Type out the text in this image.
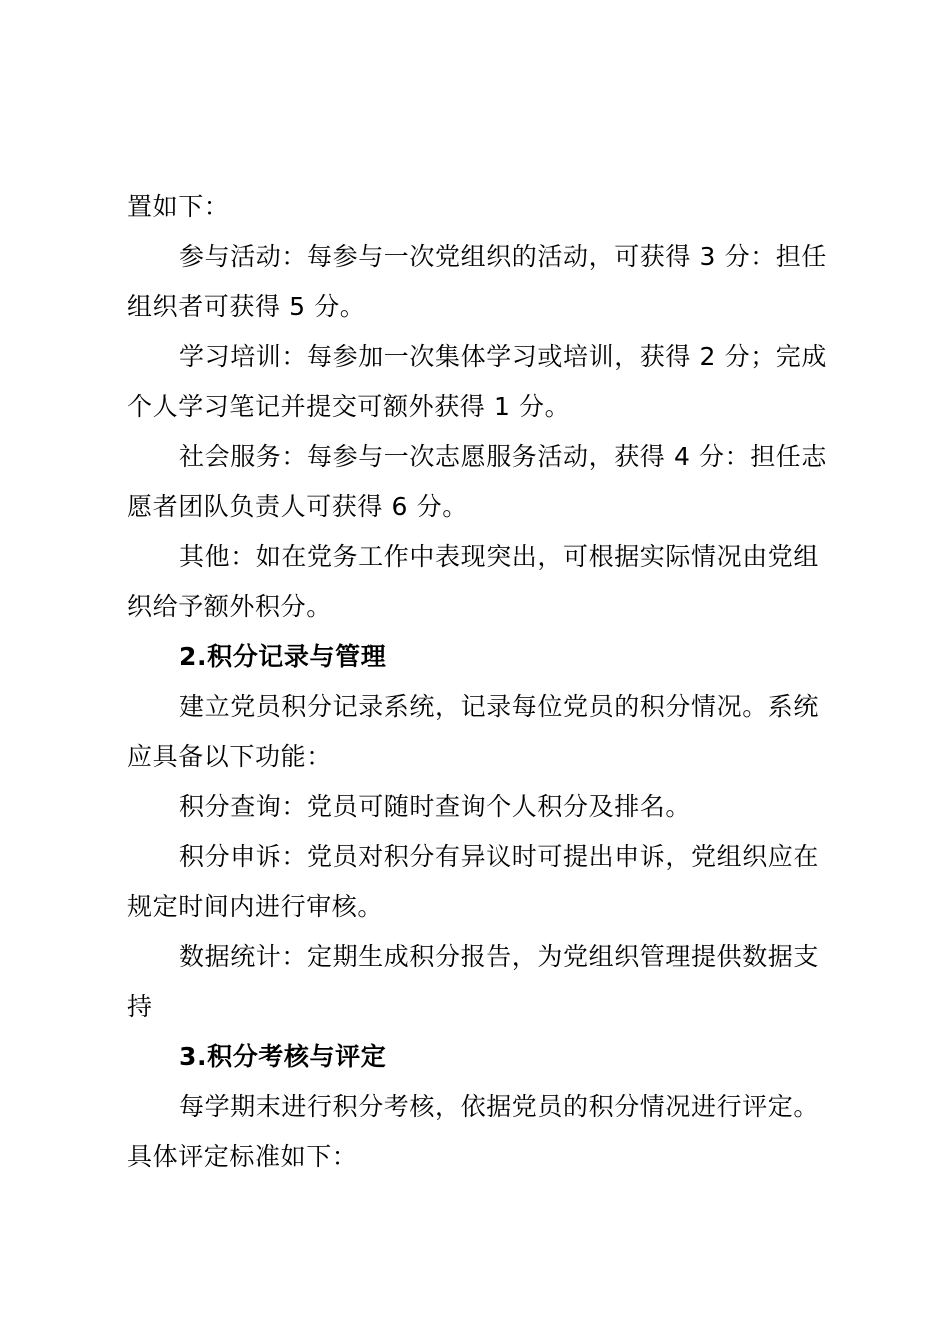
置如下：

参与活动：每参与一次党组织的活动，可获得 3 分：担任组织者可获得 5 分。

学习培训：每参加一次集体学习或培训，获得 2 分；完成个人学习笔记并提交可额外获得 1 分。

社会服务：每参与一次志愿服务活动，获得 4 分：担任志愿者团队负责人可获得 6 分。

其他：如在党务工作中表现突出，可根据实际情况由党组织给予额外积分。

2.积分记录与管理

建立党员积分记录系统，记录每位党员的积分情况。系统应具备以下功能：

积分查询：党员可随时查询个人积分及排名。

积分申诉：党员对积分有异议时可提出申诉，党组织应在规定时间内进行审核。

数据统计：定期生成积分报告，为党组织管理提供数据支持

3.积分考核与评定

每学期末进行积分考核，依据党员的积分情况进行评定。具体评定标准如下：
